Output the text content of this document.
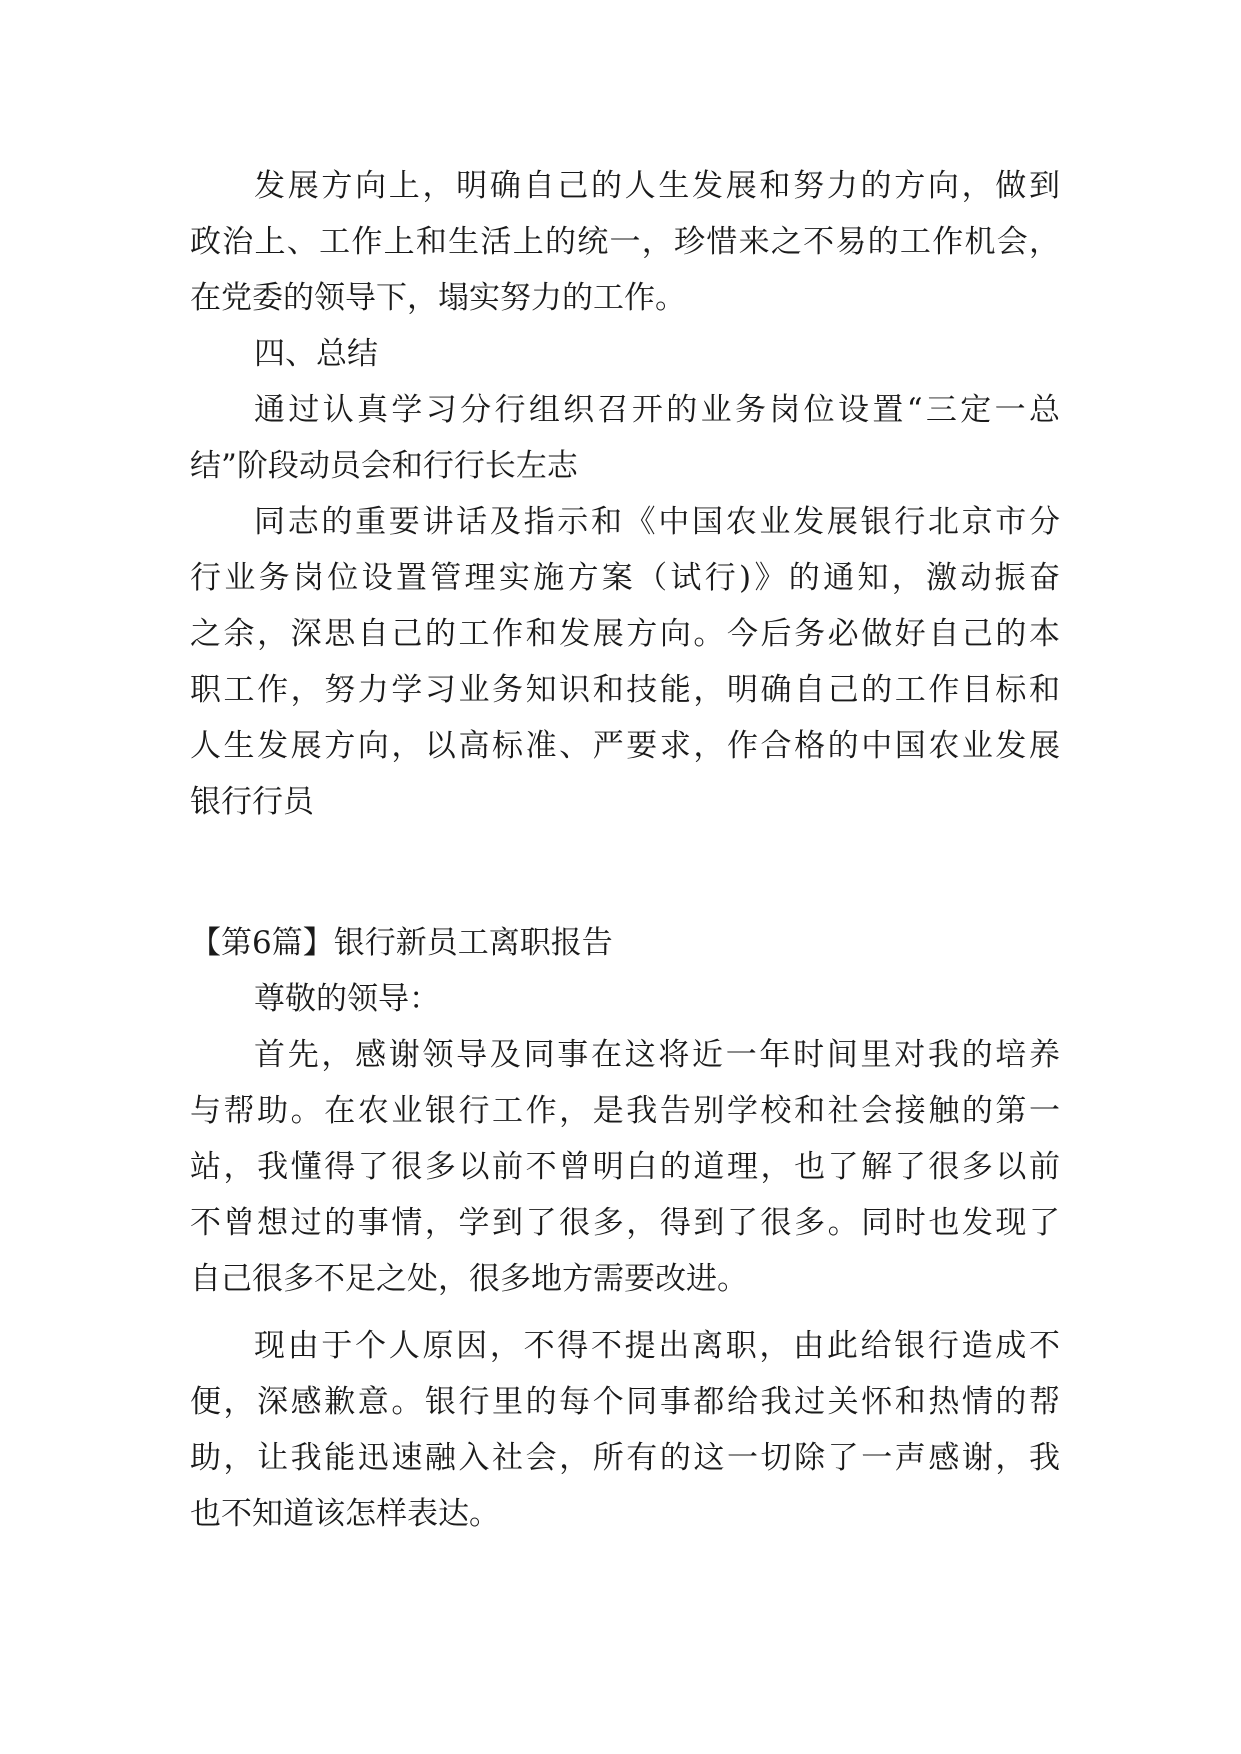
发展方向上，明确自己的人生发展和努力的方向，做到
政治上、工作上和生活上的统一，珍惜来之不易的工作机会，
在党委的领导下，塌实努力的工作。
四、总结
通过认真学习分行组织召开的业务岗位设置“三定一总
结”阶段动员会和行行长左志
同志的重要讲话及指示和《中国农业发展银行北京市分
行业务岗位设置管理实施方案（试行)》的通知，激动振奋
之余，深思自己的工作和发展方向。今后务必做好自己的本
职工作，努力学习业务知识和技能，明确自己的工作目标和
人生发展方向，以高标准、严要求，作合格的中国农业发展
银行行员
【第6篇】银行新员工离职报告
尊敬的领导：
首先，感谢领导及同事在这将近一年时间里对我的培养
与帮助。在农业银行工作，是我告别学校和社会接触的第一
站，我懂得了很多以前不曾明白的道理，也了解了很多以前
不曾想过的事情，学到了很多，得到了很多。同时也发现了
自己很多不足之处，很多地方需要改进。
现由于个人原因，不得不提出离职，由此给银行造成不
便，深感歉意。银行里的每个同事都给我过关怀和热情的帮
助，让我能迅速融入社会，所有的这一切除了一声感谢，我
也不知道该怎样表达。
